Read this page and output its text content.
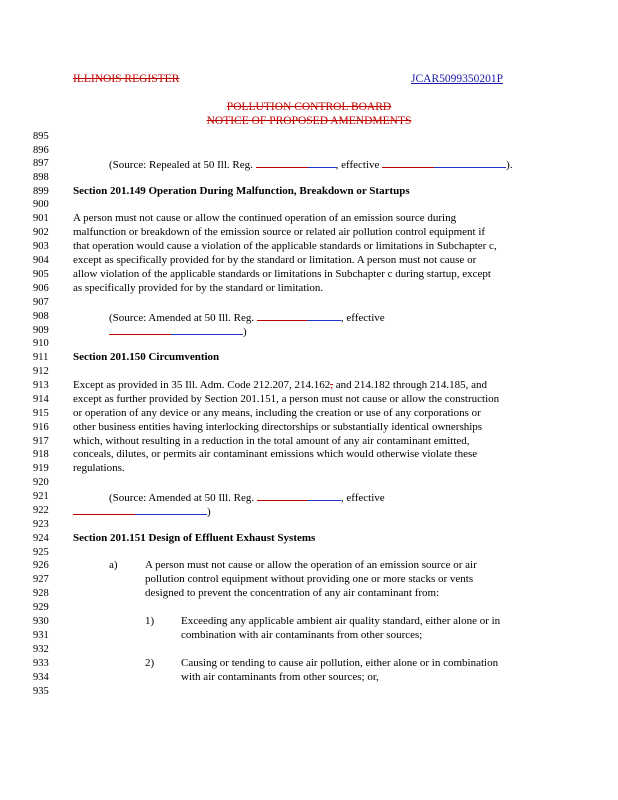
ILLINOIS REGISTER	JCAR5099350201P
POLLUTION CONTROL BOARD
NOTICE OF PROPOSED AMENDMENTS
895
896
897
898
899
900
901
902
903
904
905
906
907
908
909
910
911
912
913
914
915
916
917
918
919
920
921
922
923
924
925
926
927
928
929
930
931
932
933
934
935
(Source: Repealed at 50 Ill. Reg.	, effective	).
Section 201.149 Operation During Malfunction, Breakdown or Startups
A person must not cause or allow the continued operation of an emission source during
malfunction or breakdown of the emission source or related air pollution control equipment if
that operation would cause a violation of the applicable standards or limitations in Subchapter c,
except as specifically provided for by the standard or limitation. A person must not cause or
allow violation of the applicable standards or limitations in Subchapter c during startup, except
as specifically provided for by the standard or limitation.
(Source: Amended at 50 Ill. Reg.	, effective
)
Section 201.150 Circumvention
Except as provided in 35 Ill. Adm. Code 212.207, 214.162, and 214.182 through 214.185, and
except as further provided by Section 201.151, a person must not cause or allow the construction
or operation of any device or any means, including the creation or use of any corporations or
other business entities having interlocking directorships or substantially identical ownerships
which, without resulting in a reduction in the total amount of any air contaminant emitted,
conceals, dilutes, or permits air contaminant emissions which would otherwise violate these
regulations.
(Source: Amended at 50 Ill. Reg.	, effective
)
Section 201.151 Design of Effluent Exhaust Systems
a) A person must not cause or allow the operation of an emission source or air
pollution control equipment without providing one or more stacks or vents
designed to prevent the concentration of any air contaminant from:
1) Exceeding any applicable ambient air quality standard, either alone or in
combination with air contaminants from other sources;
2) Causing or tending to cause air pollution, either alone or in combination
with air contaminants from other sources; or,
